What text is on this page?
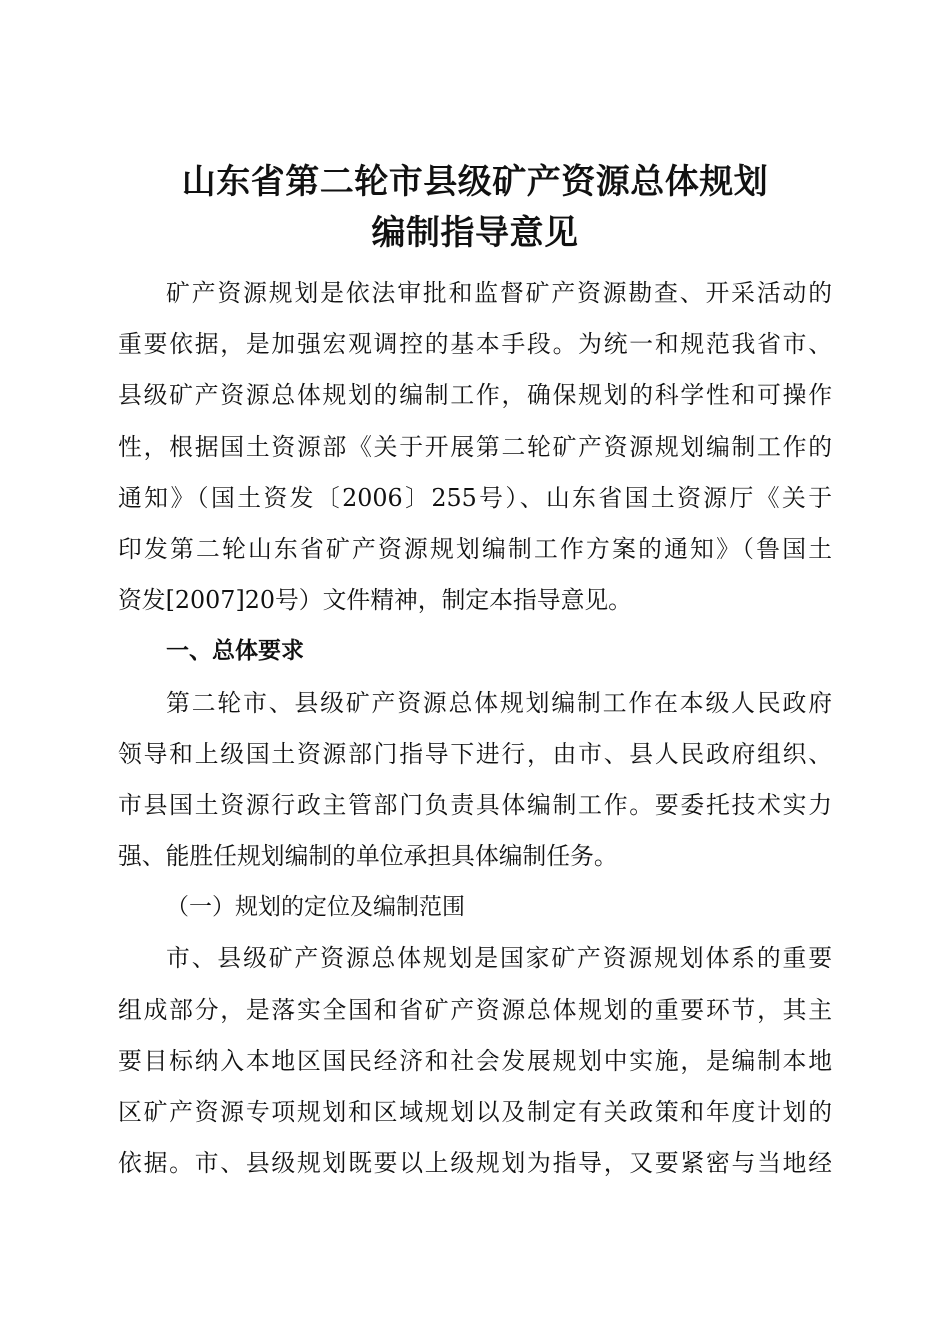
山东省第二轮市县级矿产资源总体规划
编制指导意见
矿产资源规划是依法审批和监督矿产资源勘查、开采活动的
重要依据，是加强宏观调控的基本手段。为统一和规范我省市、
县级矿产资源总体规划的编制工作，确保规划的科学性和可操作
性，根据国土资源部《关于开展第二轮矿产资源规划编制工作的
通知》（国土资发〔2006〕255号）、山东省国土资源厅《关于
印发第二轮山东省矿产资源规划编制工作方案的通知》（鲁国土
资发[2007]20号）文件精神，制定本指导意见。
一、总体要求
第二轮市、县级矿产资源总体规划编制工作在本级人民政府
领导和上级国土资源部门指导下进行，由市、县人民政府组织、
市县国土资源行政主管部门负责具体编制工作。要委托技术实力
强、能胜任规划编制的单位承担具体编制任务。
（一）规划的定位及编制范围
市、县级矿产资源总体规划是国家矿产资源规划体系的重要
组成部分，是落实全国和省矿产资源总体规划的重要环节，其主
要目标纳入本地区国民经济和社会发展规划中实施，是编制本地
区矿产资源专项规划和区域规划以及制定有关政策和年度计划的
依据。市、县级规划既要以上级规划为指导，又要紧密与当地经
